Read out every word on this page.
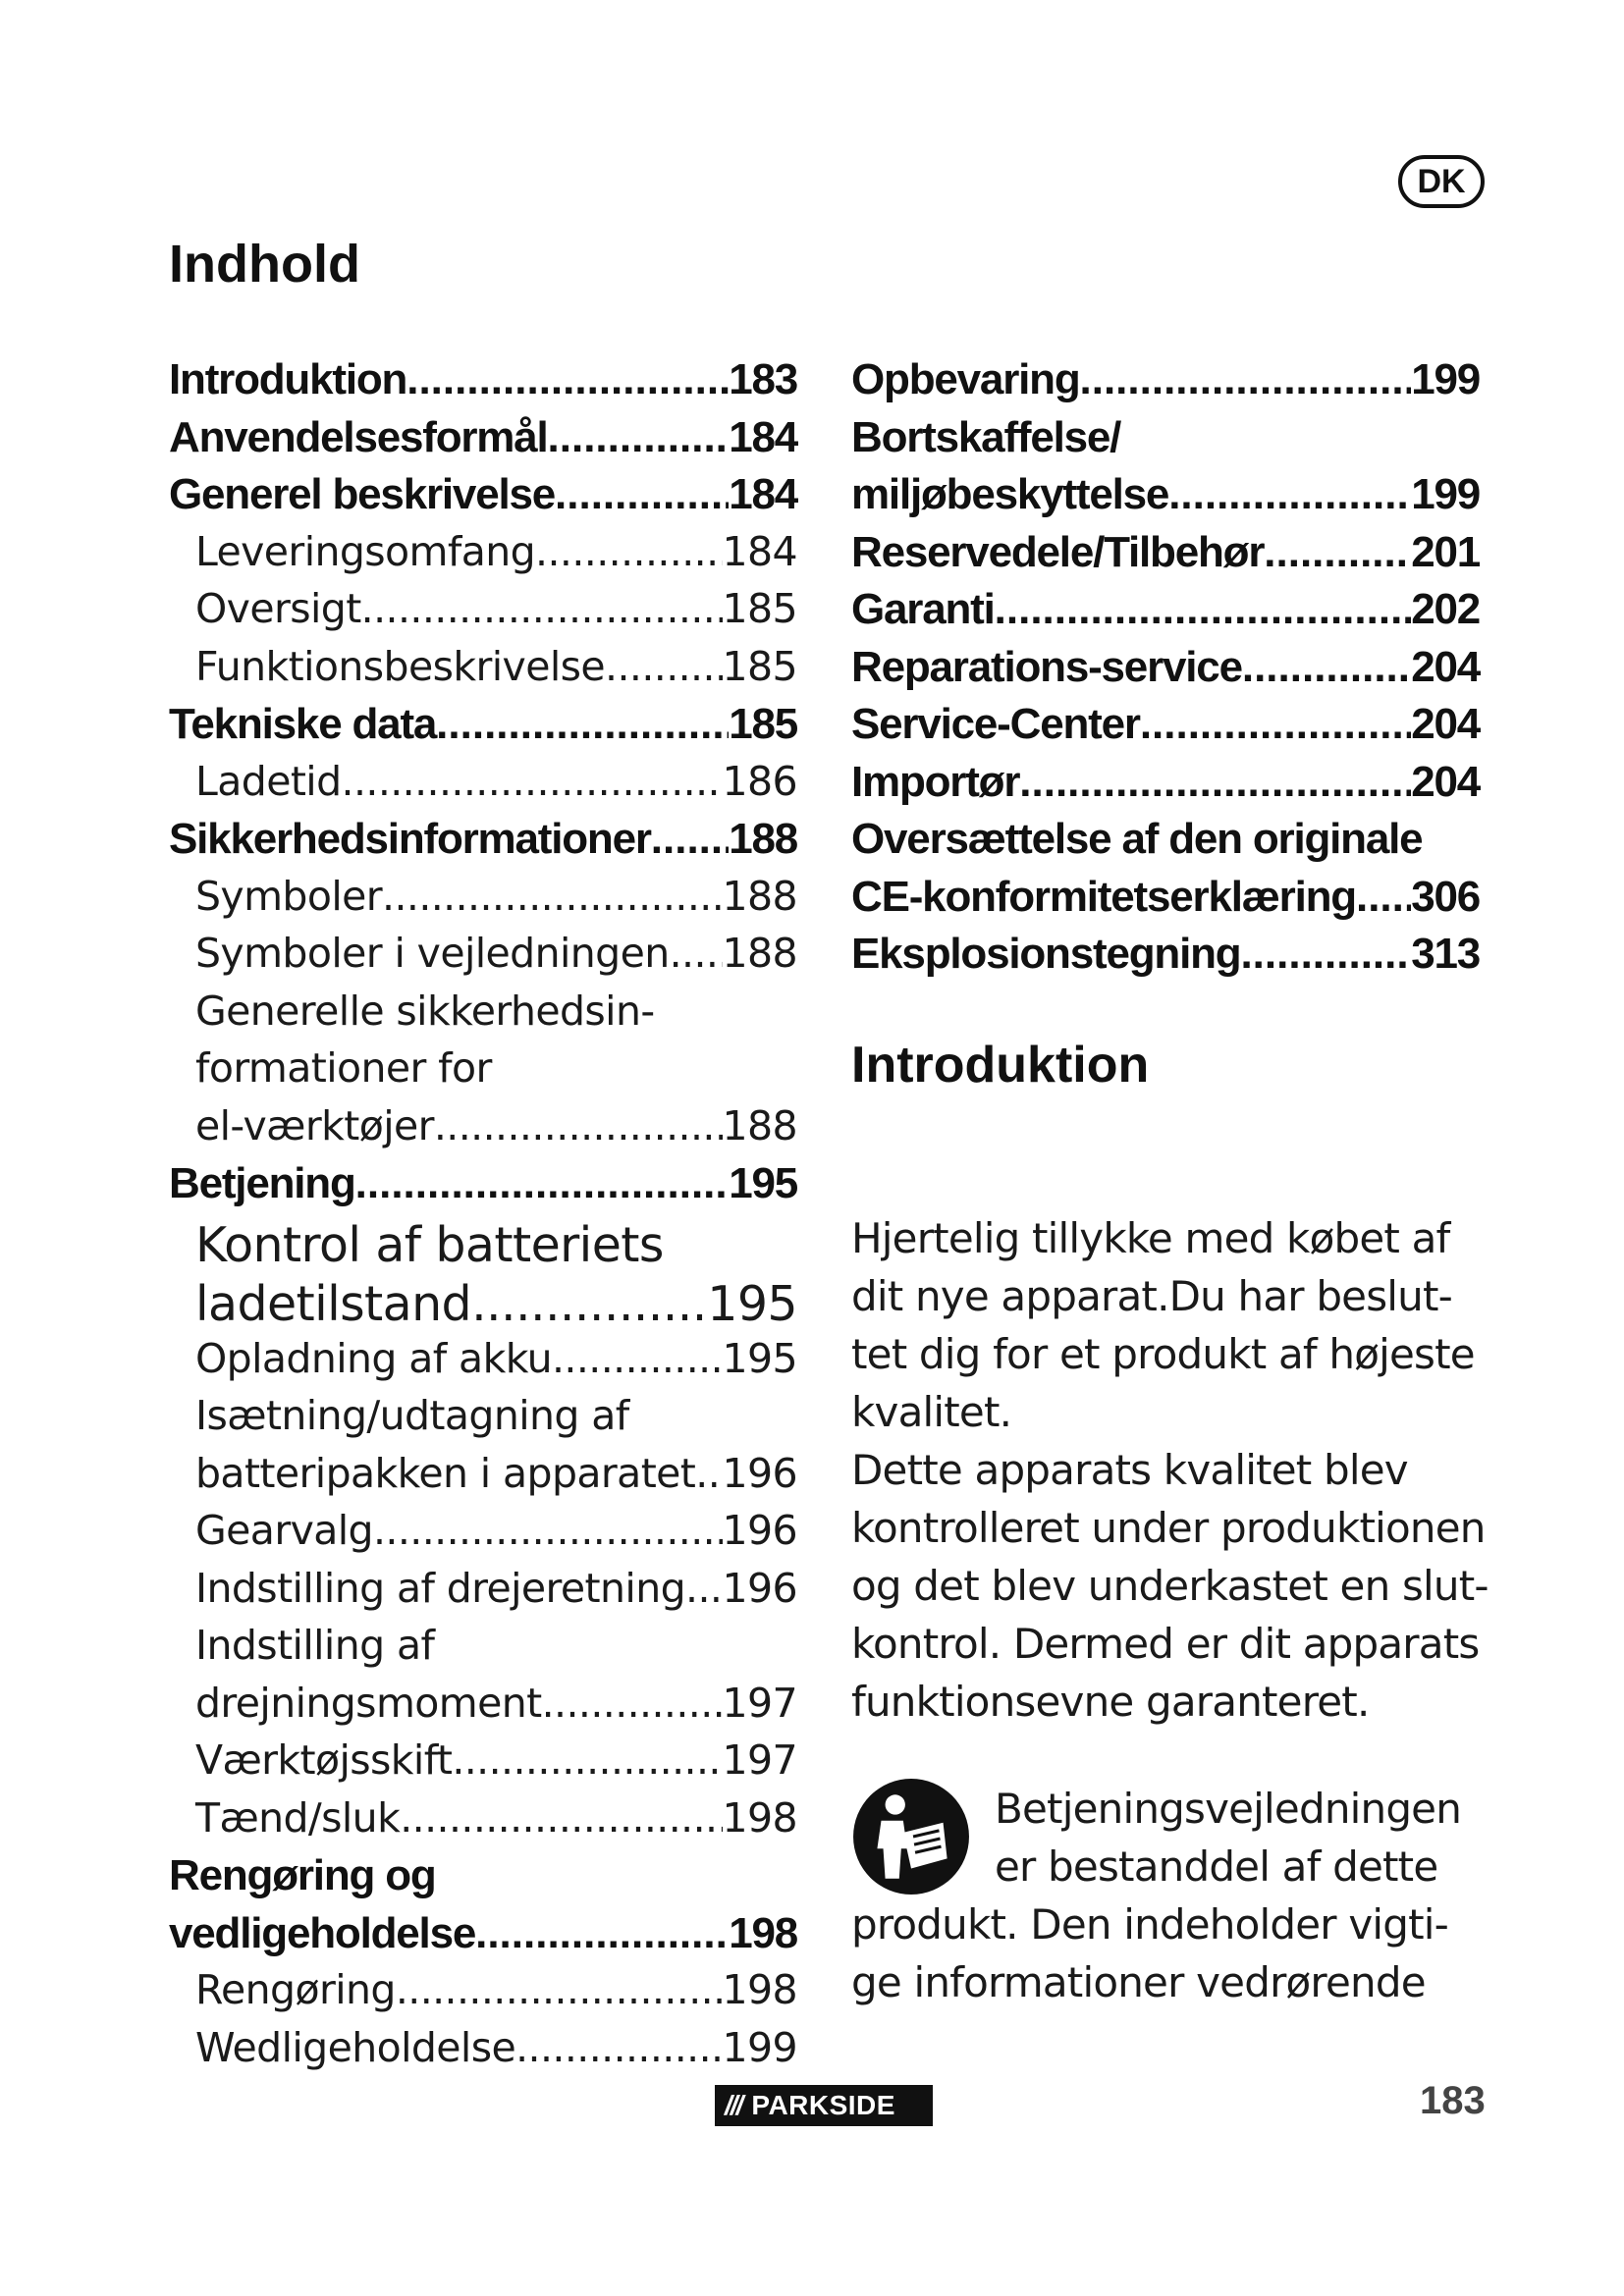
DK
Indhold
Introduktion .....	183
Anvendelsesformål .....	184
Generel beskrivelse .....	184
Leveringsomfang .....	184
Oversigt .....	185
Funktionsbeskrivelse .....	185
Tekniske data .....	185
Ladetid .....	186
Sikkerhedsinformationer ..... 188
Symboler .....	188
Symboler i vejledningen ..... 188
Generelle sikkerhedsin-
formationer for
el-værktøjer .....	188
Betjening .....	195
Kontrol af batteriets
ladetilstand .....	195
Opladning af akku .....	195
Isætning/udtagning af
batteripakken i apparatet ..... 196
Gearvalg .....	196
Indstilling af drejeretning ..... 196
Indstilling af
drejningsmoment .....	197
Værktøjsskift .....	197
Tænd/sluk .....	198
Rengøring og
vedligeholdelse .....	198
Rengøring .....	198
Wedligeholdelse .....	199
Opbevaring .....	199
Bortskaffelse/
miljøbeskyttelse .....	199
Reservedele/Tilbehør .....	201
Garanti .....	202
Reparations-service .....	204
Service-Center .....	204
Importør .....	204
Oversættelse af den originale
CE-konformitetserklæring ..... 306
Eksplosionstegning .....	313
Introduktion
Hjertelig tillykke med købet af
dit nye apparat.Du har beslut-
tet dig for et produkt af højeste
kvalitet.
Dette apparats kvalitet blev
kontrolleret under produktionen
og det blev underkastet en slut-
kontrol. Dermed er dit apparats
funktionsevne garanteret.
Betjeningsvejledningen
er bestanddel af dette
produkt. Den indeholder vigti-
ge informationer vedrørende
/// PARKSIDE	183
